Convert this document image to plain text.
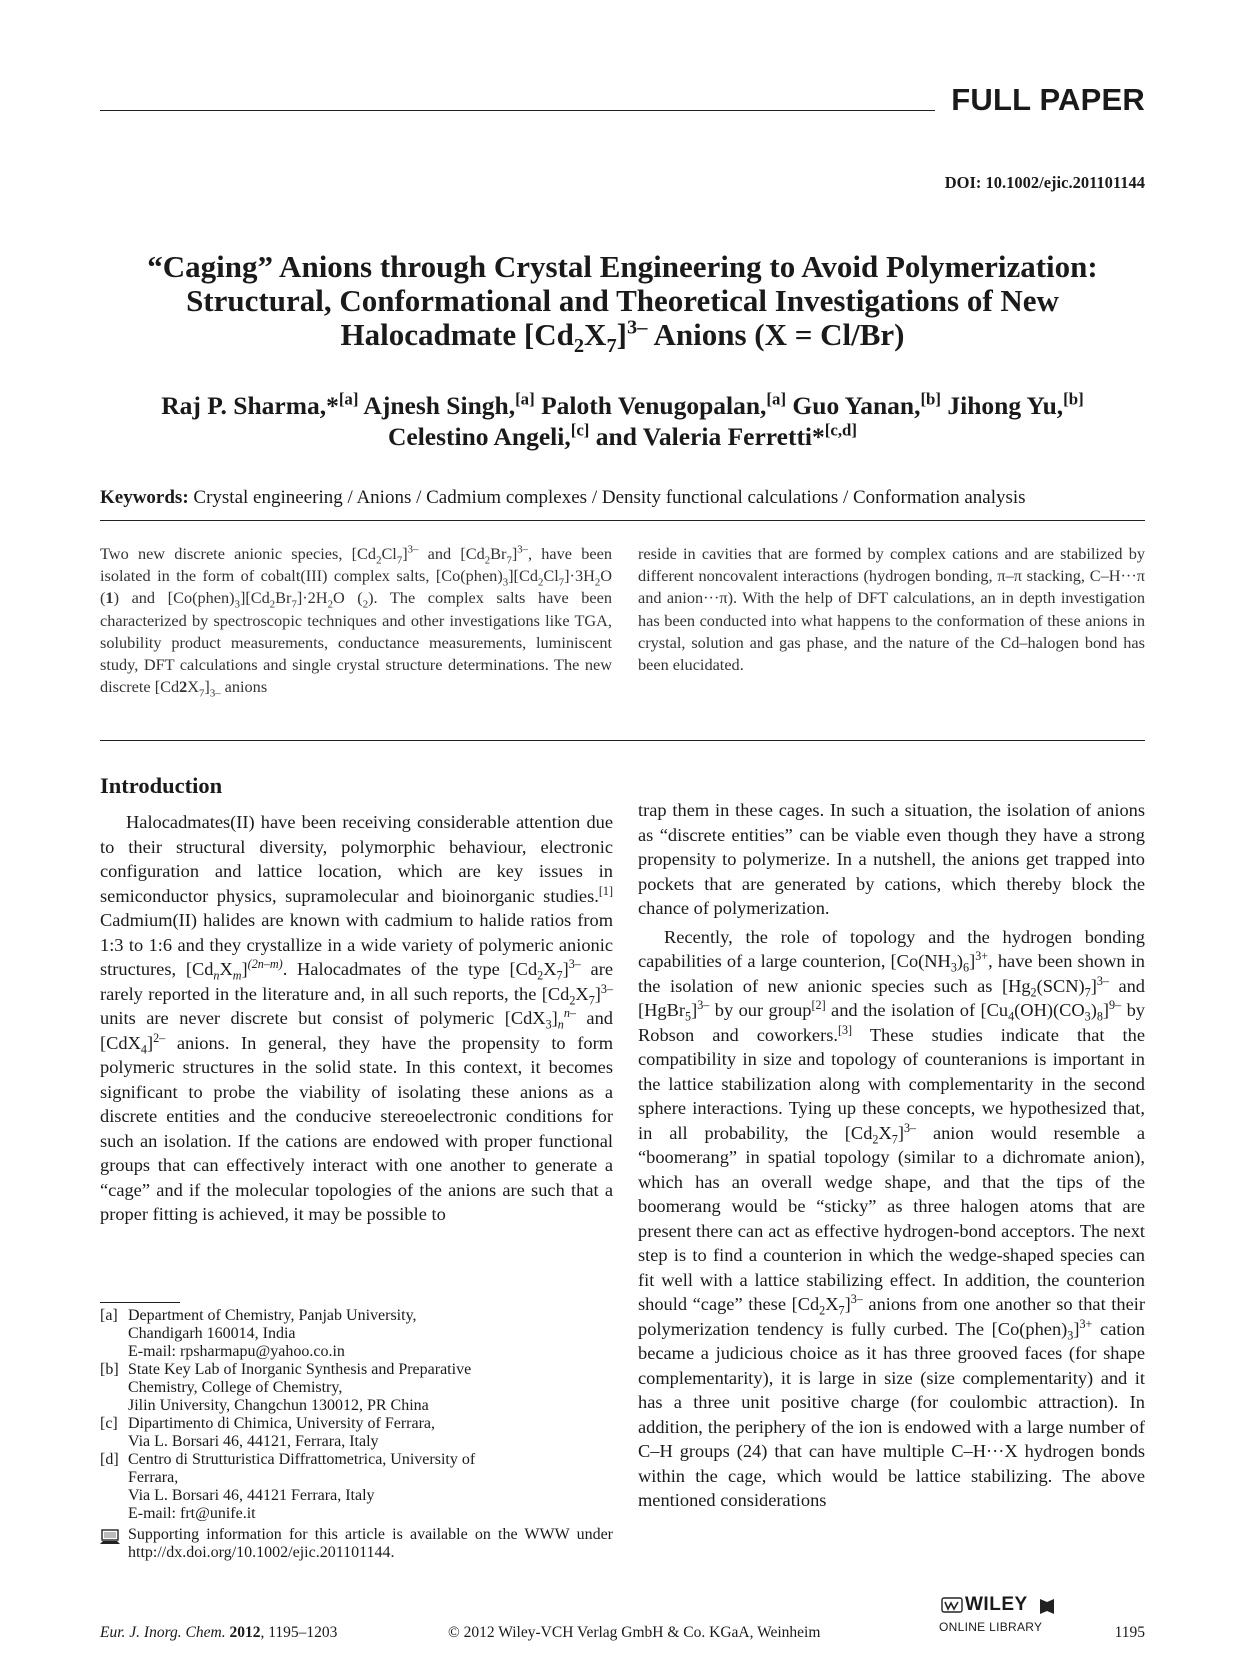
FULL PAPER
DOI: 10.1002/ejic.201101144
“Caging” Anions through Crystal Engineering to Avoid Polymerization:
Structural, Conformational and Theoretical Investigations of New
Halocadmate $[Cd_2X_7]^{3-}$ Anions (X = Cl/Br)
Raj P. Sharma,*[a] Ajnesh Singh,[a] Paloth Venugopalan,[a] Guo Yanan,[b] Jihong Yu,[b]
Celestino Angeli,[c] and Valeria Ferretti*[c,d]
Keywords: Crystal engineering / Anions / Cadmium complexes / Density functional calculations / Conformation analysis
Two new discrete anionic species, $[Cd_2Cl_7]^{3-}$ and $[Cd_2Br_7]^{3-}$, have been isolated in the form of cobalt(III) complex salts, $[Co(phen)_3][Cd_2Cl_7]\cdot 3H_2O$ (1) and $[Co(phen)_3][Cd_2Br_7]\cdot 2H_2O$ $(_2)$. The complex salts have been characterized by spectroscopic techniques and other investigations like TGA, solubility product measurements, conductance measurements, luminiscent study, DFT calculations and single crystal structure determinations. The new discrete $[Cd2X_7]_{3-}$ anions
reside in cavities that are formed by complex cations and are stabilized by different noncovalent interactions (hydrogen bonding, π–π stacking, C–H···π and anion···π). With the help of DFT calculations, an in depth investigation has been conducted into what happens to the conformation of these anions in crystal, solution and gas phase, and the nature of the Cd–halogen bond has been elucidated.
Introduction

Halocadmates(II) have been receiving considerable attention due to their structural diversity, polymorphic behaviour, electronic configuration and lattice location, which are key issues in semiconductor physics, supramolecular and bioinorganic studies.[1] Cadmium(II) halides are known with cadmium to halide ratios from 1:3 to 1:6 and they crystallize in a wide variety of polymeric anionic structures, $[Cd_nX_m]^{(2n-m)}$. Halocadmates of the type $[Cd_2X_7]^{3-}$ are rarely reported in the literature and, in all such reports, the $[Cd_2X_7]^{3-}$ units are never discrete but consist of polymeric $[CdX_3]_n^{n-}$ and $[CdX_4]^{2-}$ anions. In general, they have the propensity to form polymeric structures in the solid state. In this context, it becomes significant to probe the viability of isolating these anions as a discrete entities and the conducive stereoelectronic conditions for such an isolation. If the cations are endowed with proper functional groups that can effectively interact with one another to generate a “cage” and if the molecular topologies of the anions are such that a proper fitting is achieved, it may be possible to

trap them in these cages. In such a situation, the isolation of anions as “discrete entities” can be viable even though they have a strong propensity to polymerize. In a nutshell, the anions get trapped into pockets that are generated by cations, which thereby block the chance of polymerization.

Recently, the role of topology and the hydrogen bonding capabilities of a large counterion, $[Co(NH_3)_6]^{3+}$, have been shown in the isolation of new anionic species such as $[Hg_2(SCN)_7]^{3-}$ and [HgBr$_5$]$^{3-}$ by our group[2] and the isolation of $[Cu_4(OH)(CO_3)_8]^{9-}$ by Robson and coworkers.[3] These studies indicate that the compatibility in size and topology of counteranions is important in the lattice stabilization along with complementarity in the second sphere interactions. Tying up these concepts, we hypothesized that, in all probability, the $[Cd_2X_7]^{3-}$ anion would resemble a “boomerang” in spatial topology (similar to a dichromate anion), which has an overall wedge shape, and that the tips of the boomerang would be “sticky” as three halogen atoms that are present there can act as effective hydrogen-bond acceptors. The next step is to find a counterion in which the wedge-shaped species can fit well with a lattice stabilizing effect. In addition, the counterion should “cage” these $[Cd_2X_7]^{3-}$ anions from one another so that their polymerization tendency is fully curbed. The $[Co(phen)_3]^{3+}$ cation became a judicious choice as it has three grooved faces (for shape complementarity), it is large in size (size complementarity) and it has a three unit positive charge (for coulombic attraction). In addition, the periphery of the ion is endowed with a large number of C–H groups (24) that can have multiple C–H···X hydrogen bonds within the cage, which would be lattice stabilizing. The above mentioned considerations

[a] Department of Chemistry, Panjab University,
Chandigarh 160014, India
E-mail: rpsharmapu@yahoo.co.in
[b] State Key Lab of Inorganic Synthesis and Preparative
Chemistry, College of Chemistry,
Jilin University, Changchun 130012, PR China
[c] Dipartimento di Chimica, University of Ferrara,
Via L. Borsari 46, 44121, Ferrara, Italy
[d] Centro di Strutturistica Diffrattometrica, University of
Ferrara,
Via L. Borsari 46, 44121 Ferrara, Italy
E-mail: frt@unife.it
Supporting information for this article is available on the WWW under http://dx.doi.org/10.1002/ejic.201101144.
Eur. J. Inorg. Chem. 2012, 1195–1203	© 2012 Wiley-VCH Verlag GmbH & Co. KGaA, Weinheim
WILEY
ONLINE LIBRARY	1195
